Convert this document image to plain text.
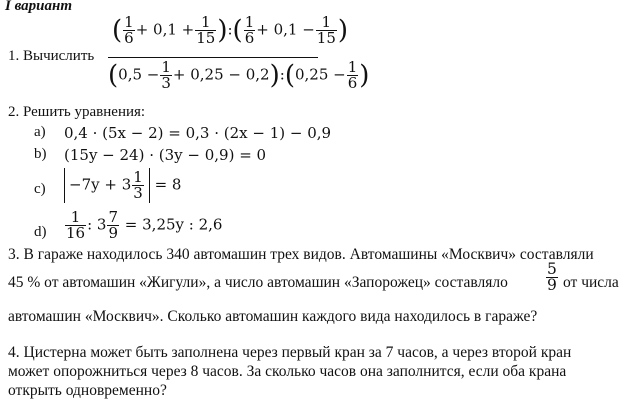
I вариант
1. Вычислить
( $\frac{1}{6} + 0,1 + \frac{1}{15}$ ):( $\frac{1}{6} + 0,1 - \frac{1}{15}$ )
($0,5 - \frac{1}{3} + 0,25$ − 0,2):(0,25 − $\frac{1}{6}$ )
2. Решить уравнения:
a) 0,4 · (5x − 2) = 0,3 · (2x − 1) − 0,9
b) (15y − 24) · (3y − 0,9) = 0
c)	$-7y + 3 \frac{1}{3} = 8$
$d) \frac{1}{16}$ : $3 \frac{7}{9} = 3,25y$ : 2,6
3. В гараже находилось 340 автомашин трех видов. Автомашины «Москвич» составляли
45 % от автомашин «Жигули», а число автомашин «Запорожец» составляло $\frac{5}{9}$ от числа
автомашин «Москвич». Сколько автомашин каждого вида находилось в гараже?
4. Цистерна может быть заполнена через первый кран за 7 часов, а через второй кран
может опорожниться через 8 часов. За сколько часов она заполнится, если оба крана
открыть одновременно?
